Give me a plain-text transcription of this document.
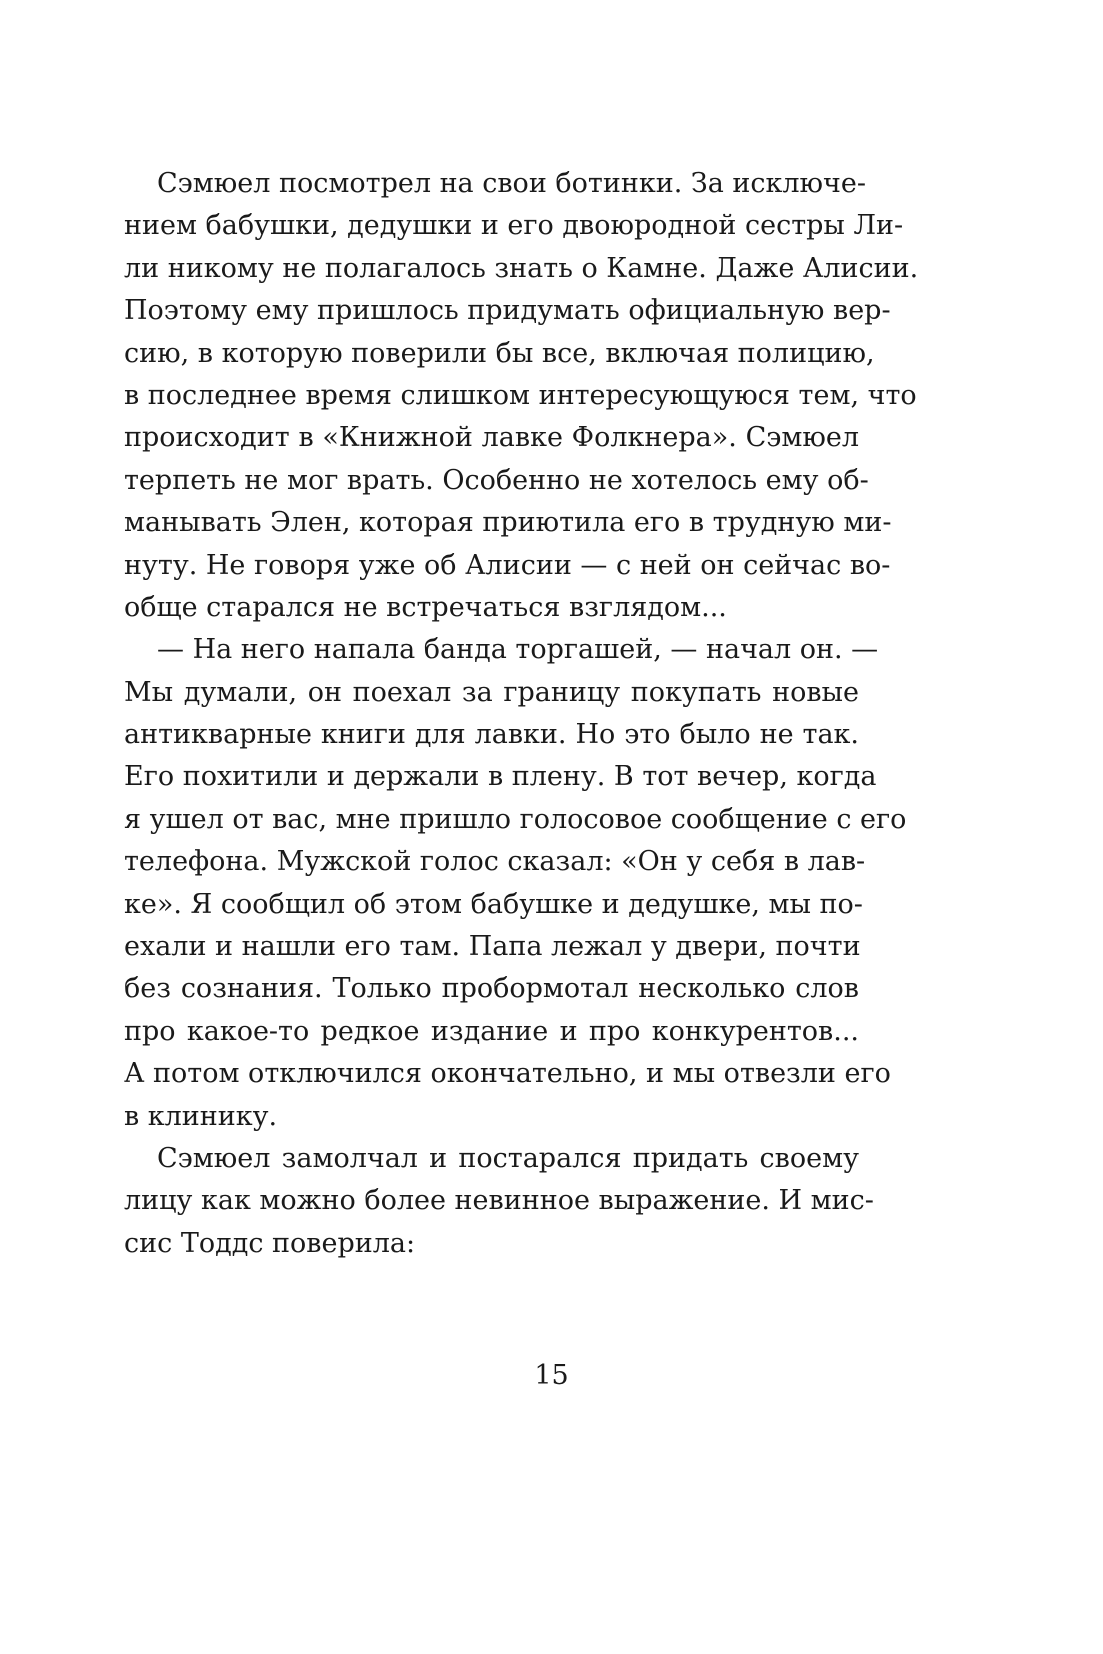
Сэмюел посмотрел на свои ботинки. За исключе-
нием бабушки, дедушки и его двоюродной сестры Ли-
ли никому не полагалось знать о Камне. Даже Алисии.
Поэтому ему пришлось придумать официальную вер-
сию, в которую поверили бы все, включая полицию,
в последнее время слишком интересующуюся тем, что
происходит в «Книжной лавке Фолкнера». Сэмюел
терпеть не мог врать. Особенно не хотелось ему об-
манывать Элен, которая приютила его в трудную ми-
нуту. Не говоря уже об Алисии — с ней он сейчас во-
обще старался не встречаться взглядом...
— На него напала банда торгашей, — начал он. —
Мы думали, он поехал за границу покупать новые
антикварные книги для лавки. Но это было не так.
Его похитили и держали в плену. В тот вечер, когда
я ушел от вас, мне пришло голосовое сообщение с его
телефона. Мужской голос сказал: «Он у себя в лав-
ке». Я сообщил об этом бабушке и дедушке, мы по-
ехали и нашли его там. Папа лежал у двери, почти
без сознания. Только пробормотал несколько слов
про какое-то редкое издание и про конкурентов...
А потом отключился окончательно, и мы отвезли его
в клинику.
Сэмюел замолчал и постарался придать своему
лицу как можно более невинное выражение. И мис-
сис Тоддс поверила:
15
